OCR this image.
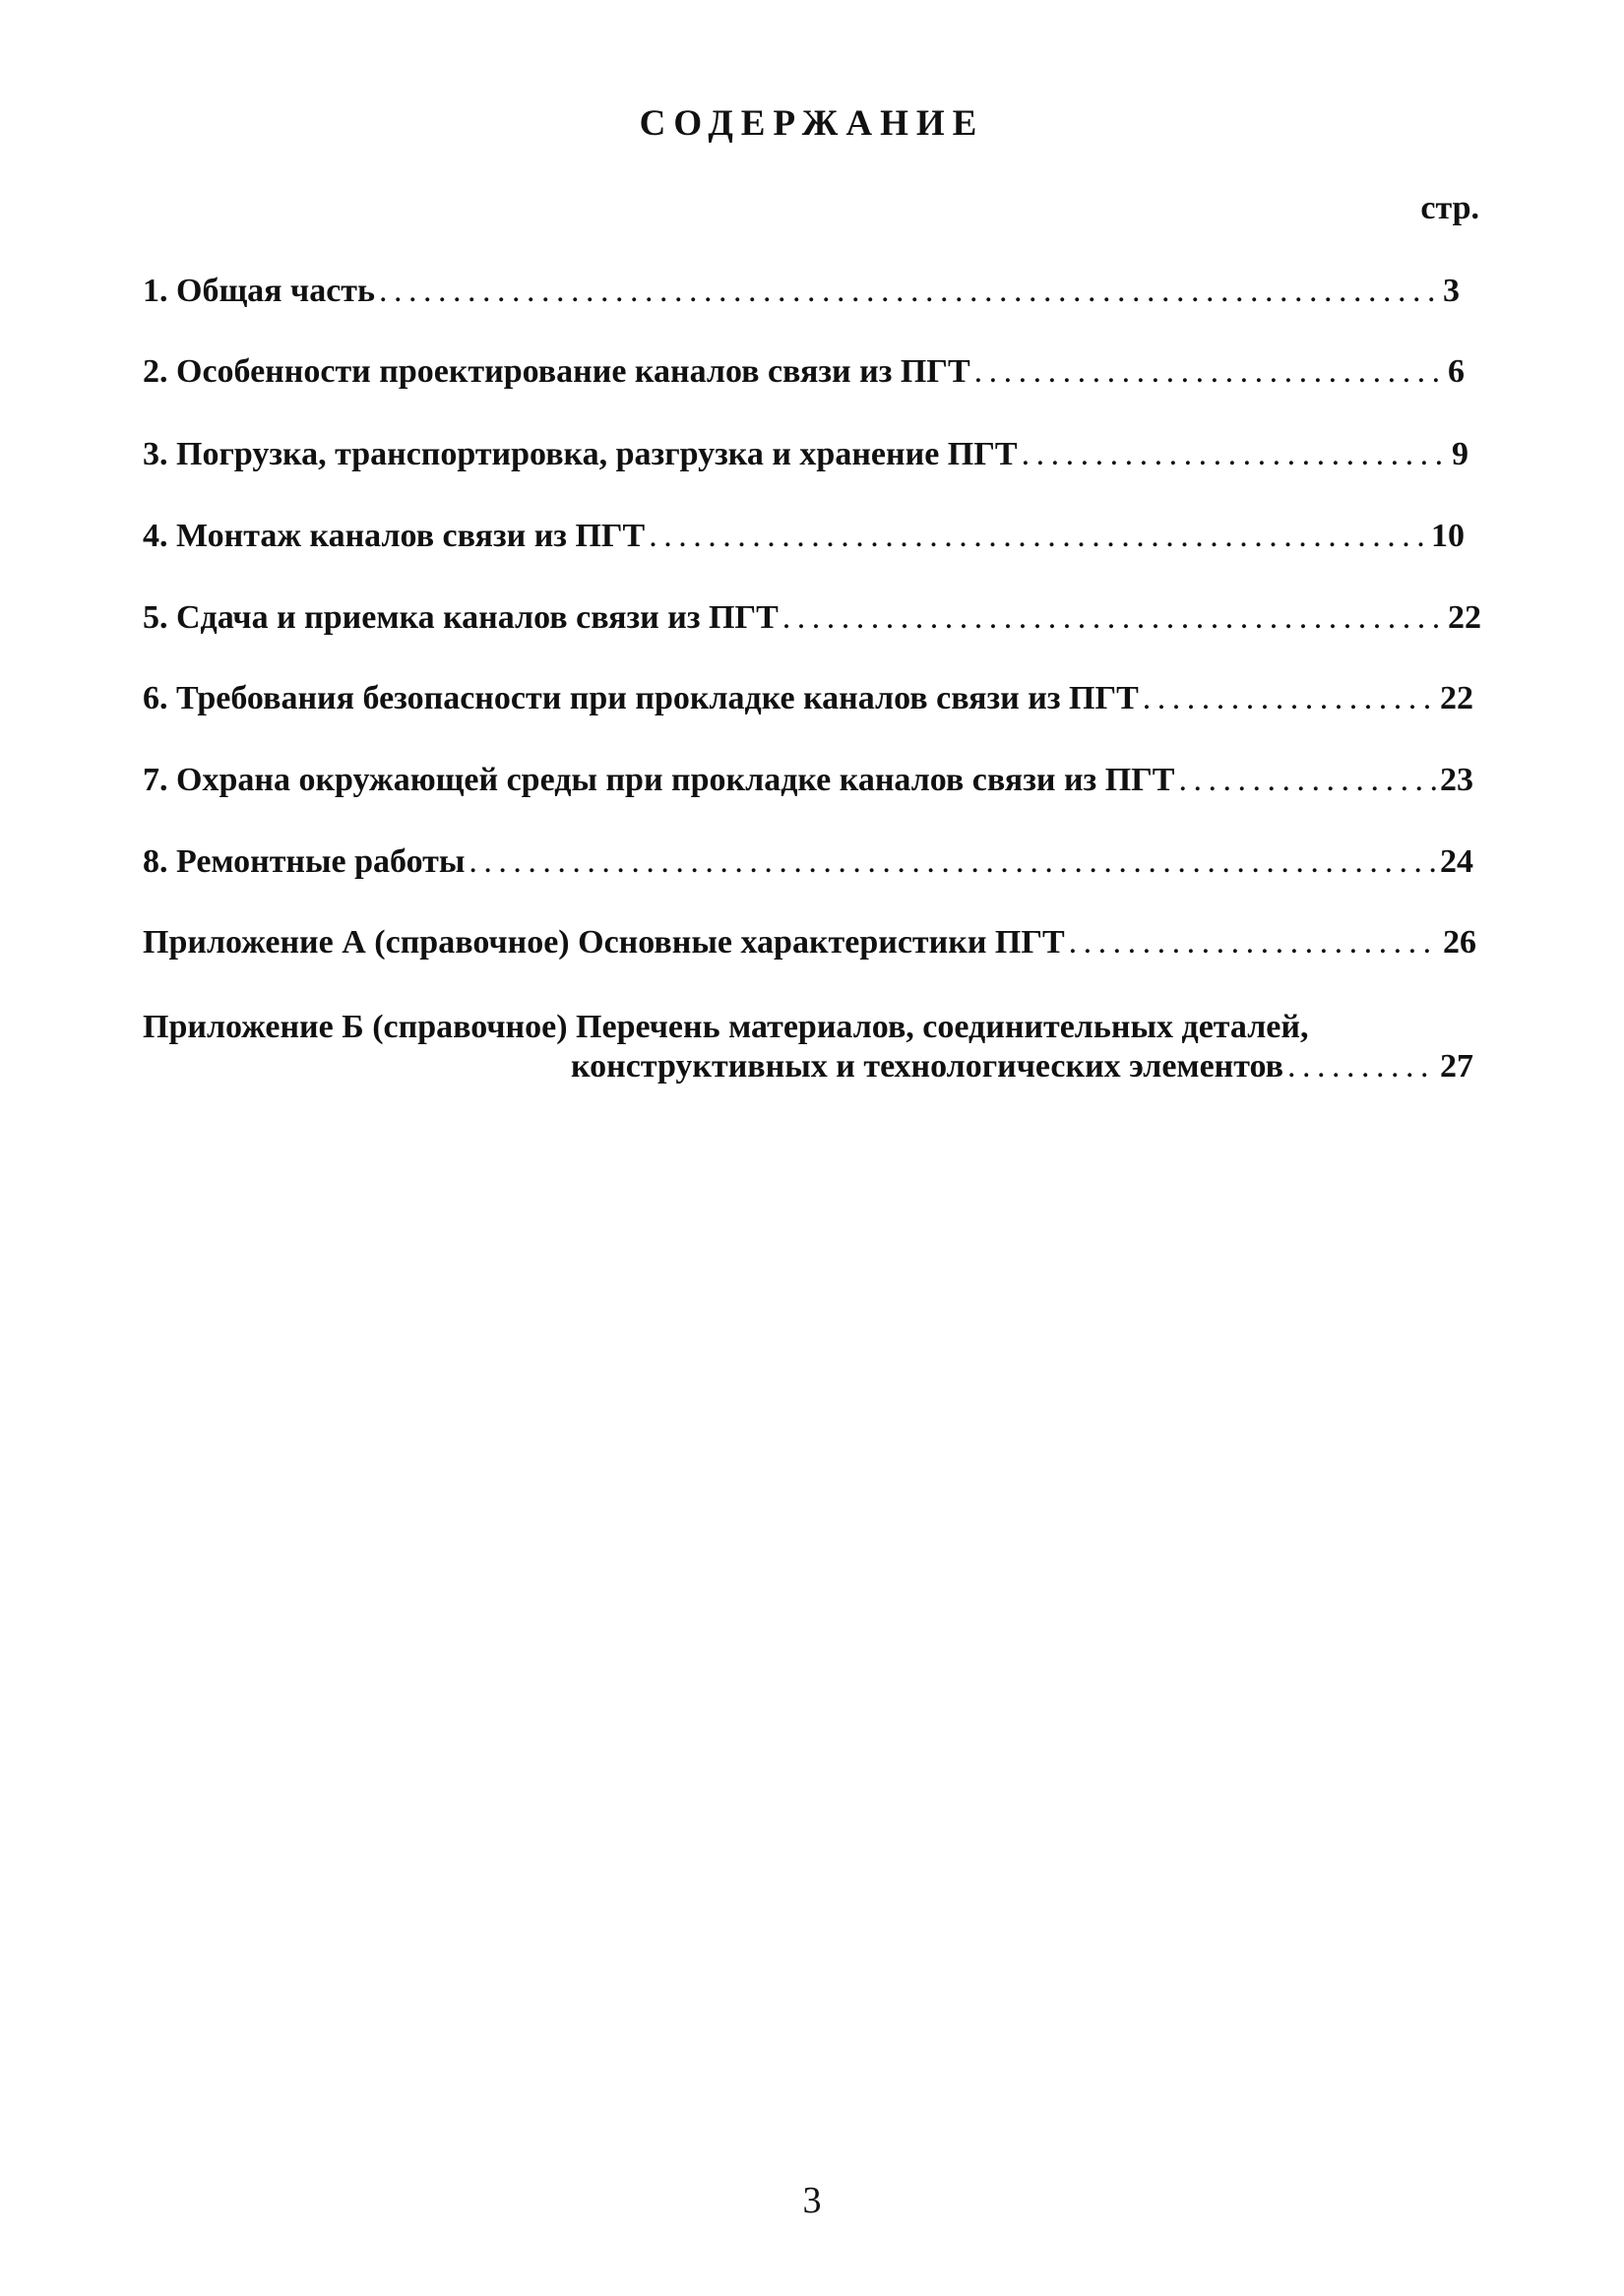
СОДЕРЖАНИЕ
стр.
1. Общая часть . . .	3
2. Особенности проектирование каналов связи из ПГТ . . .	6
3. Погрузка, транспортировка, разгрузка и хранение ПГТ . . .	9
4. Монтаж каналов связи из ПГТ . . .	10
5. Сдача и приемка каналов связи из ПГТ . . .	22
6. Требования безопасности при прокладке каналов связи из ПГТ . . .	22
7. Охрана окружающей среды при прокладке каналов связи из ПГТ . . .	23
8. Ремонтные работы . . .	24
Приложение А (справочное) Основные характеристики ПГТ . . .	26
Приложение Б (справочное) Перечень материалов, соединительных деталей,
конструктивных и технологических элементов . . .	27
3
